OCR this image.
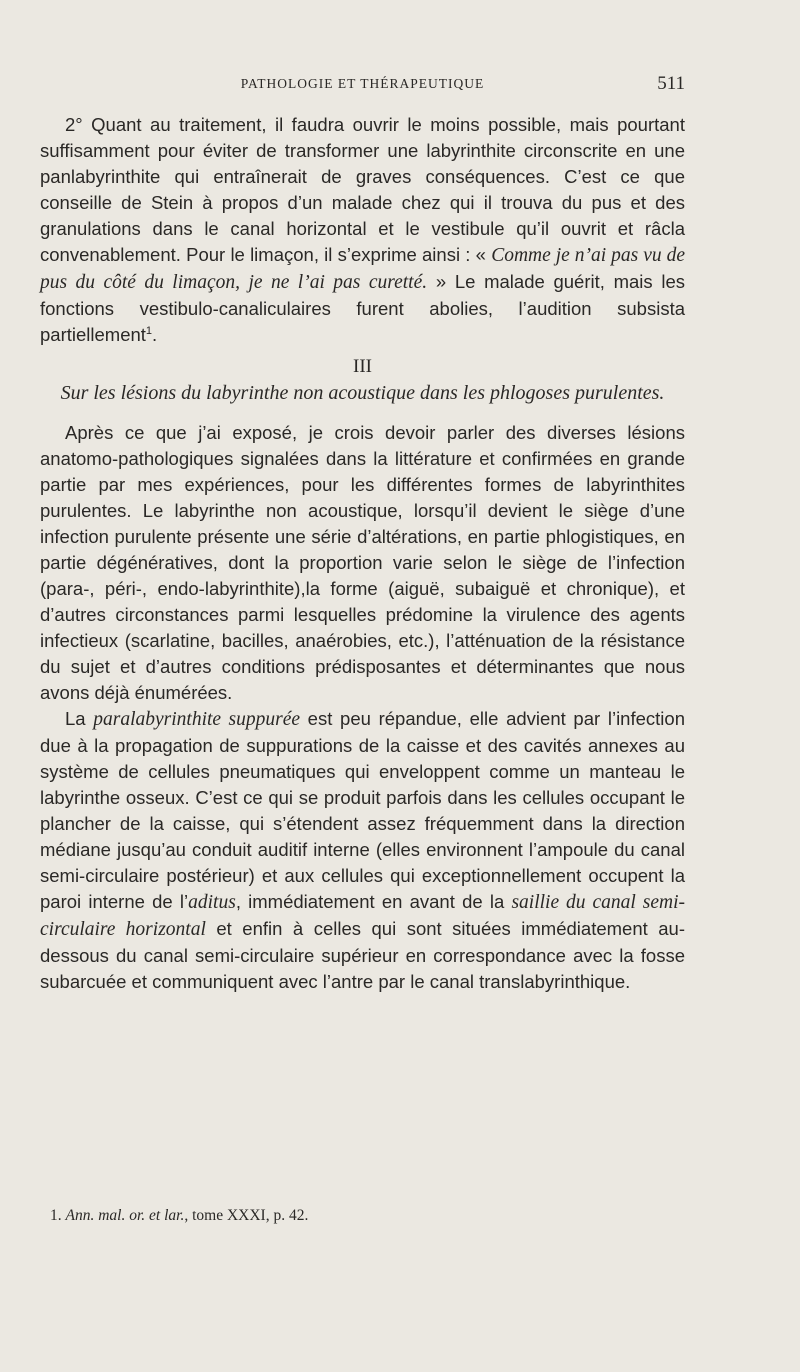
PATHOLOGIE ET THÉRAPEUTIQUE	511

2° Quant au traitement, il faudra ouvrir le moins possible, mais pourtant suffisamment pour éviter de transformer une labyrinthite circonscrite en une panlabyrinthite qui entraînerait de graves conséquences. C’est ce que conseille de Stein à propos d’un malade chez qui il trouva du pus et des granulations dans le canal horizontal et le vestibule qu’il ouvrit et râcla convenablement. Pour le limaçon, il s’exprime ainsi : « Comme je n’ai pas vu de pus du côté du limaçon, je ne l’ai pas curetté. » Le malade guérit, mais les fonctions vestibulo-canaliculaires furent abolies, l’audition subsista partiellement$^1$.

III
Sur les lésions du labyrinthe non acoustique dans les phlogoses purulentes.

Après ce que j’ai exposé, je crois devoir parler des diverses lésions anatomo-pathologiques signalées dans la littérature et confirmées en grande partie par mes expériences, pour les différentes formes de labyrinthites purulentes. Le labyrinthe non acoustique, lorsqu’il devient le siège d’une infection purulente présente une série d’altérations, en partie phlogistiques, en partie dégénératives, dont la proportion varie selon le siège de l’infection (para-, péri-, endo-labyrinthite),la forme (aiguë, subaiguë et chronique), et d’autres circonstances parmi lesquelles prédomine la virulence des agents infectieux (scarlatine, bacilles, anaérobies, etc.), l’atténuation de la résistance du sujet et d’autres conditions prédisposantes et déterminantes que nous avons déjà énumérées.

La paralabyrinthite suppurée est peu répandue, elle advient par l’infection due à la propagation de suppurations de la caisse et des cavités annexes au système de cellules pneumatiques qui enveloppent comme un manteau le labyrinthe osseux. C’est ce qui se produit parfois dans les cellules occupant le plancher de la caisse, qui s’étendent assez fréquemment dans la direction médiane jusqu’au conduit auditif interne (elles environnent l’ampoule du canal semi-circulaire postérieur) et aux cellules qui exceptionnellement occupent la paroi interne de l’aditus, immédiatement en avant de la saillie du canal semi-circulaire horizontal et enfin à celles qui sont situées immédiatement au-dessous du canal semi-circulaire supérieur en correspondance avec la fosse subarcuée et communiquent avec l’antre par le canal translabyrinthique.

1. Ann. mal. or. et lar., tome XXXI, p. 42.
